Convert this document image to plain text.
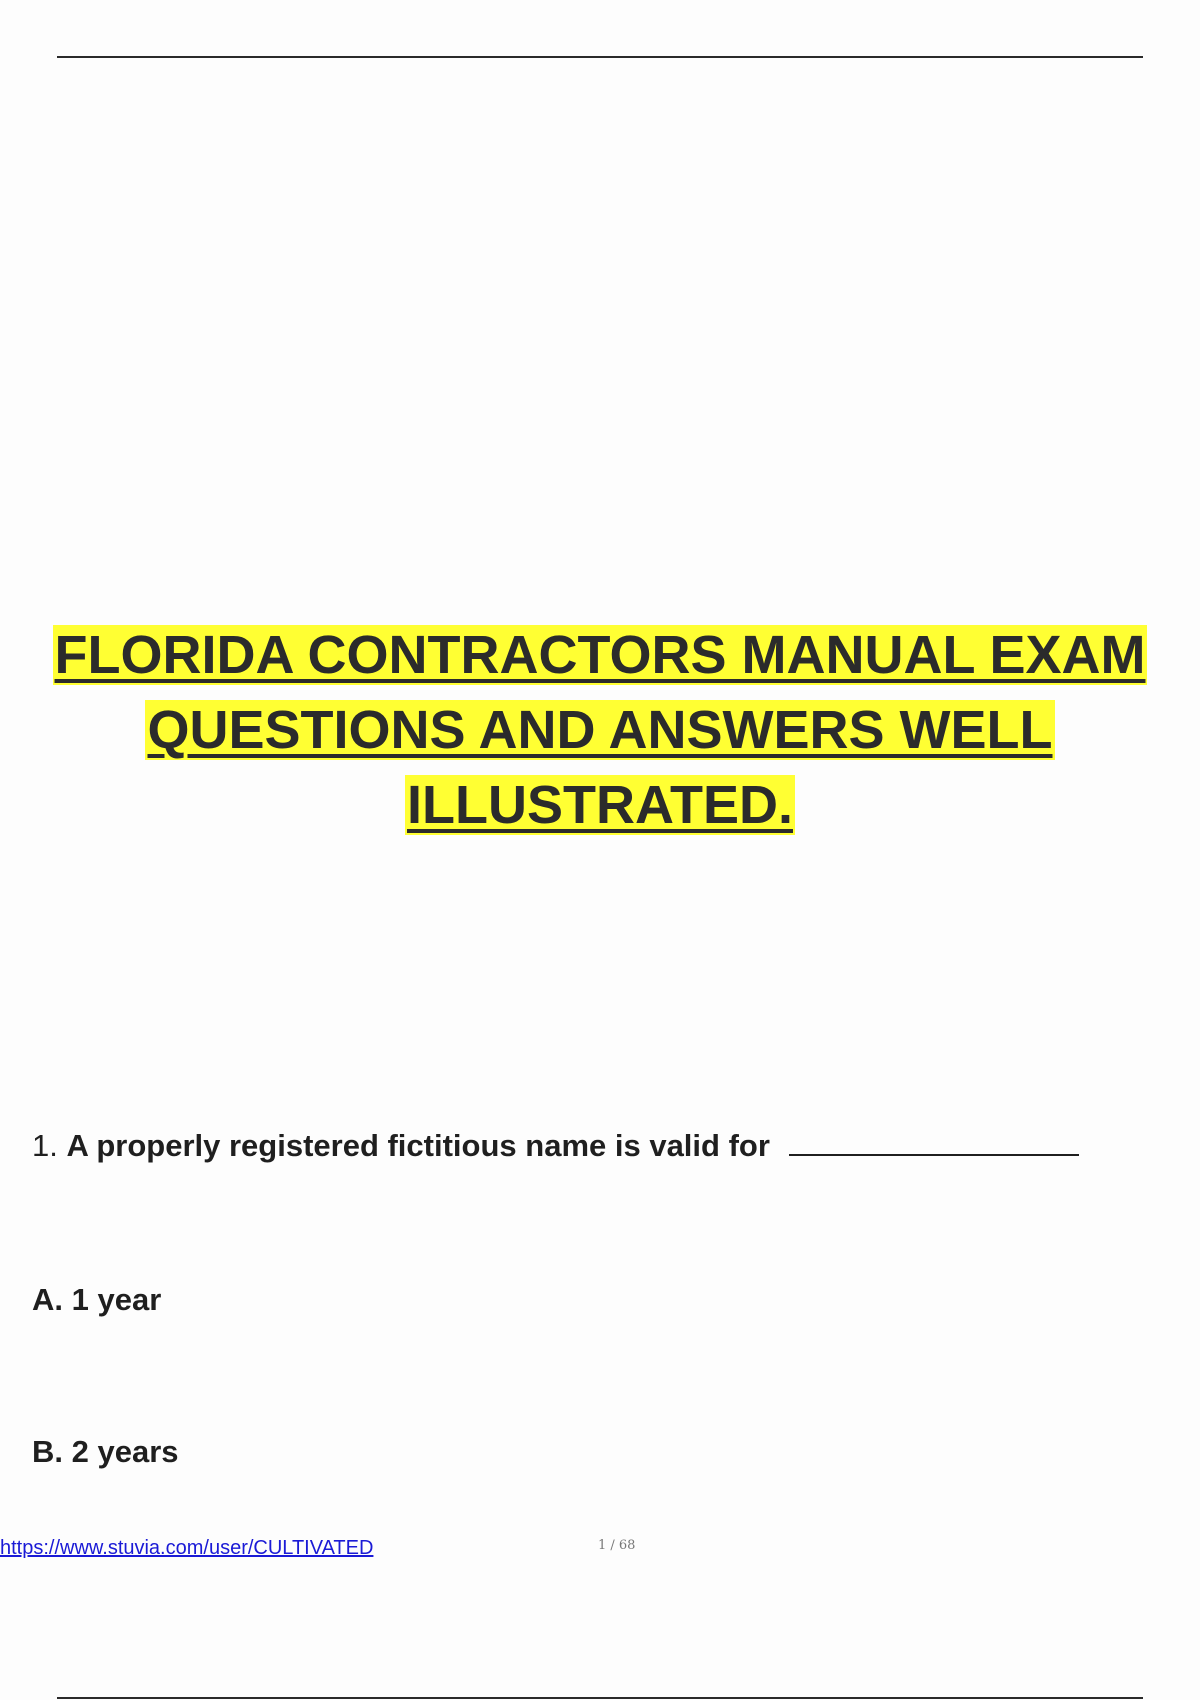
FLORIDA CONTRACTORS MANUAL EXAM
QUESTIONS AND ANSWERS WELL
ILLUSTRATED.
1. A properly registered fictitious name is valid for
A. 1 year
B. 2 years
https://www.stuvia.com/user/CULTIVATED	1 / 68
